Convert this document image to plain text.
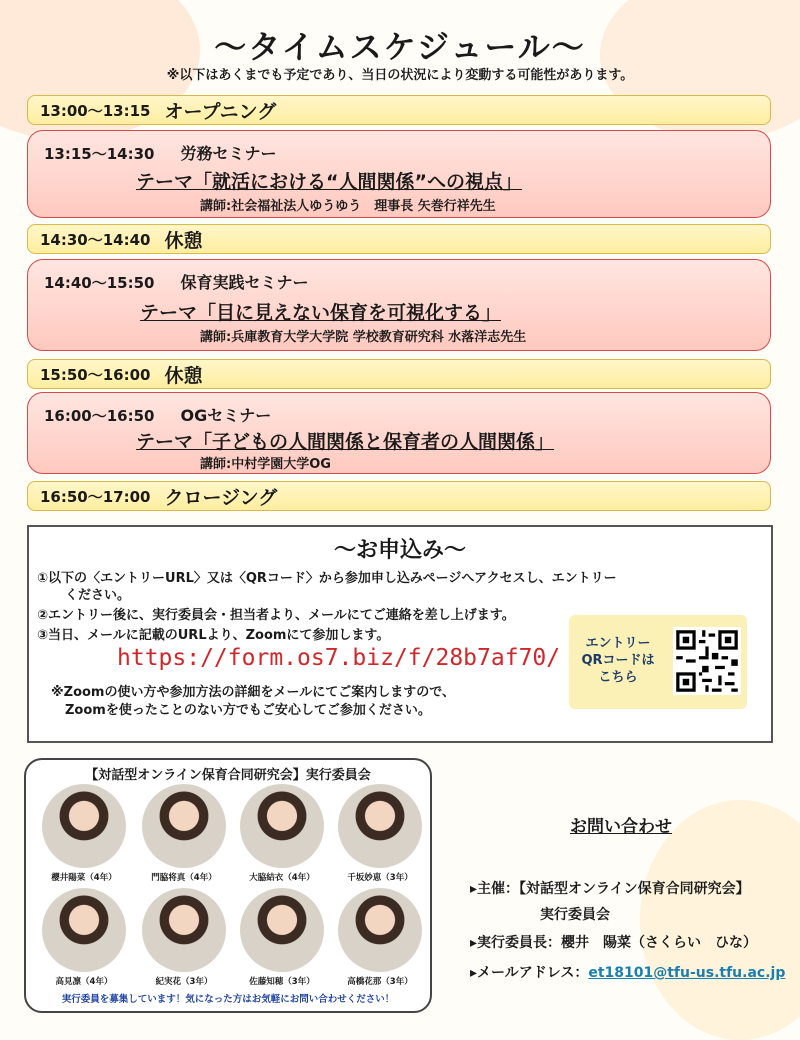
～タイムスケジュール～
※以下はあくまでも予定であり、当日の状況により変動する可能性があります。
13:00～13:15 オープニング
13:15～14:30 労務セミナー
テーマ「就活における“人間関係”への視点」
講師:社会福祉法人ゆうゆう　理事長 矢巻行祥先生
14:30～14:40 休憩
14:40～15:50 保育実践セミナー
テーマ「目に見えない保育を可視化する」
講師:兵庫教育大学大学院 学校教育研究科 水落洋志先生
15:50～16:00 休憩
16:00～16:50 OGセミナー
テーマ「子どもの人間関係と保育者の人間関係」
講師:中村学園大学OG
16:50～17:00 クロージング
～お申込み～
①以下の〈エントリーURL〉又は〈QRコード〉から参加申し込みページへアクセスし、エントリー
ください。
②エントリー後に、実行委員会・担当者より、メールにてご連絡を差し上げます。
③当日、メールに記載のURLより、Zoomにて参加します。
https://form.os7.biz/f/28b7af70/
※Zoomの使い方や参加方法の詳細をメールにてご案内しますので、
Zoomを使ったことのない方でもご安心してご参加ください。
エントリー
QRコードは
こちら
【対話型オンライン保育合同研究会】実行委員会
櫻井陽菜（4年）	門脇将真（4年）	大脇結衣（4年）	千坂妙恵（3年）
高見凛（4年）	紀実花（3年）	佐藤知穂（3年）	高橋花那（3年）
実行委員を募集しています！気になった方はお気軽にお問い合わせください！
お問い合わせ
▸主催：【対話型オンライン保育合同研究会】
実行委員会
▸実行委員長：櫻井　陽菜（さくらい　ひな）
▸メールアドレス：et18101@tfu-us.tfu.ac.jp
